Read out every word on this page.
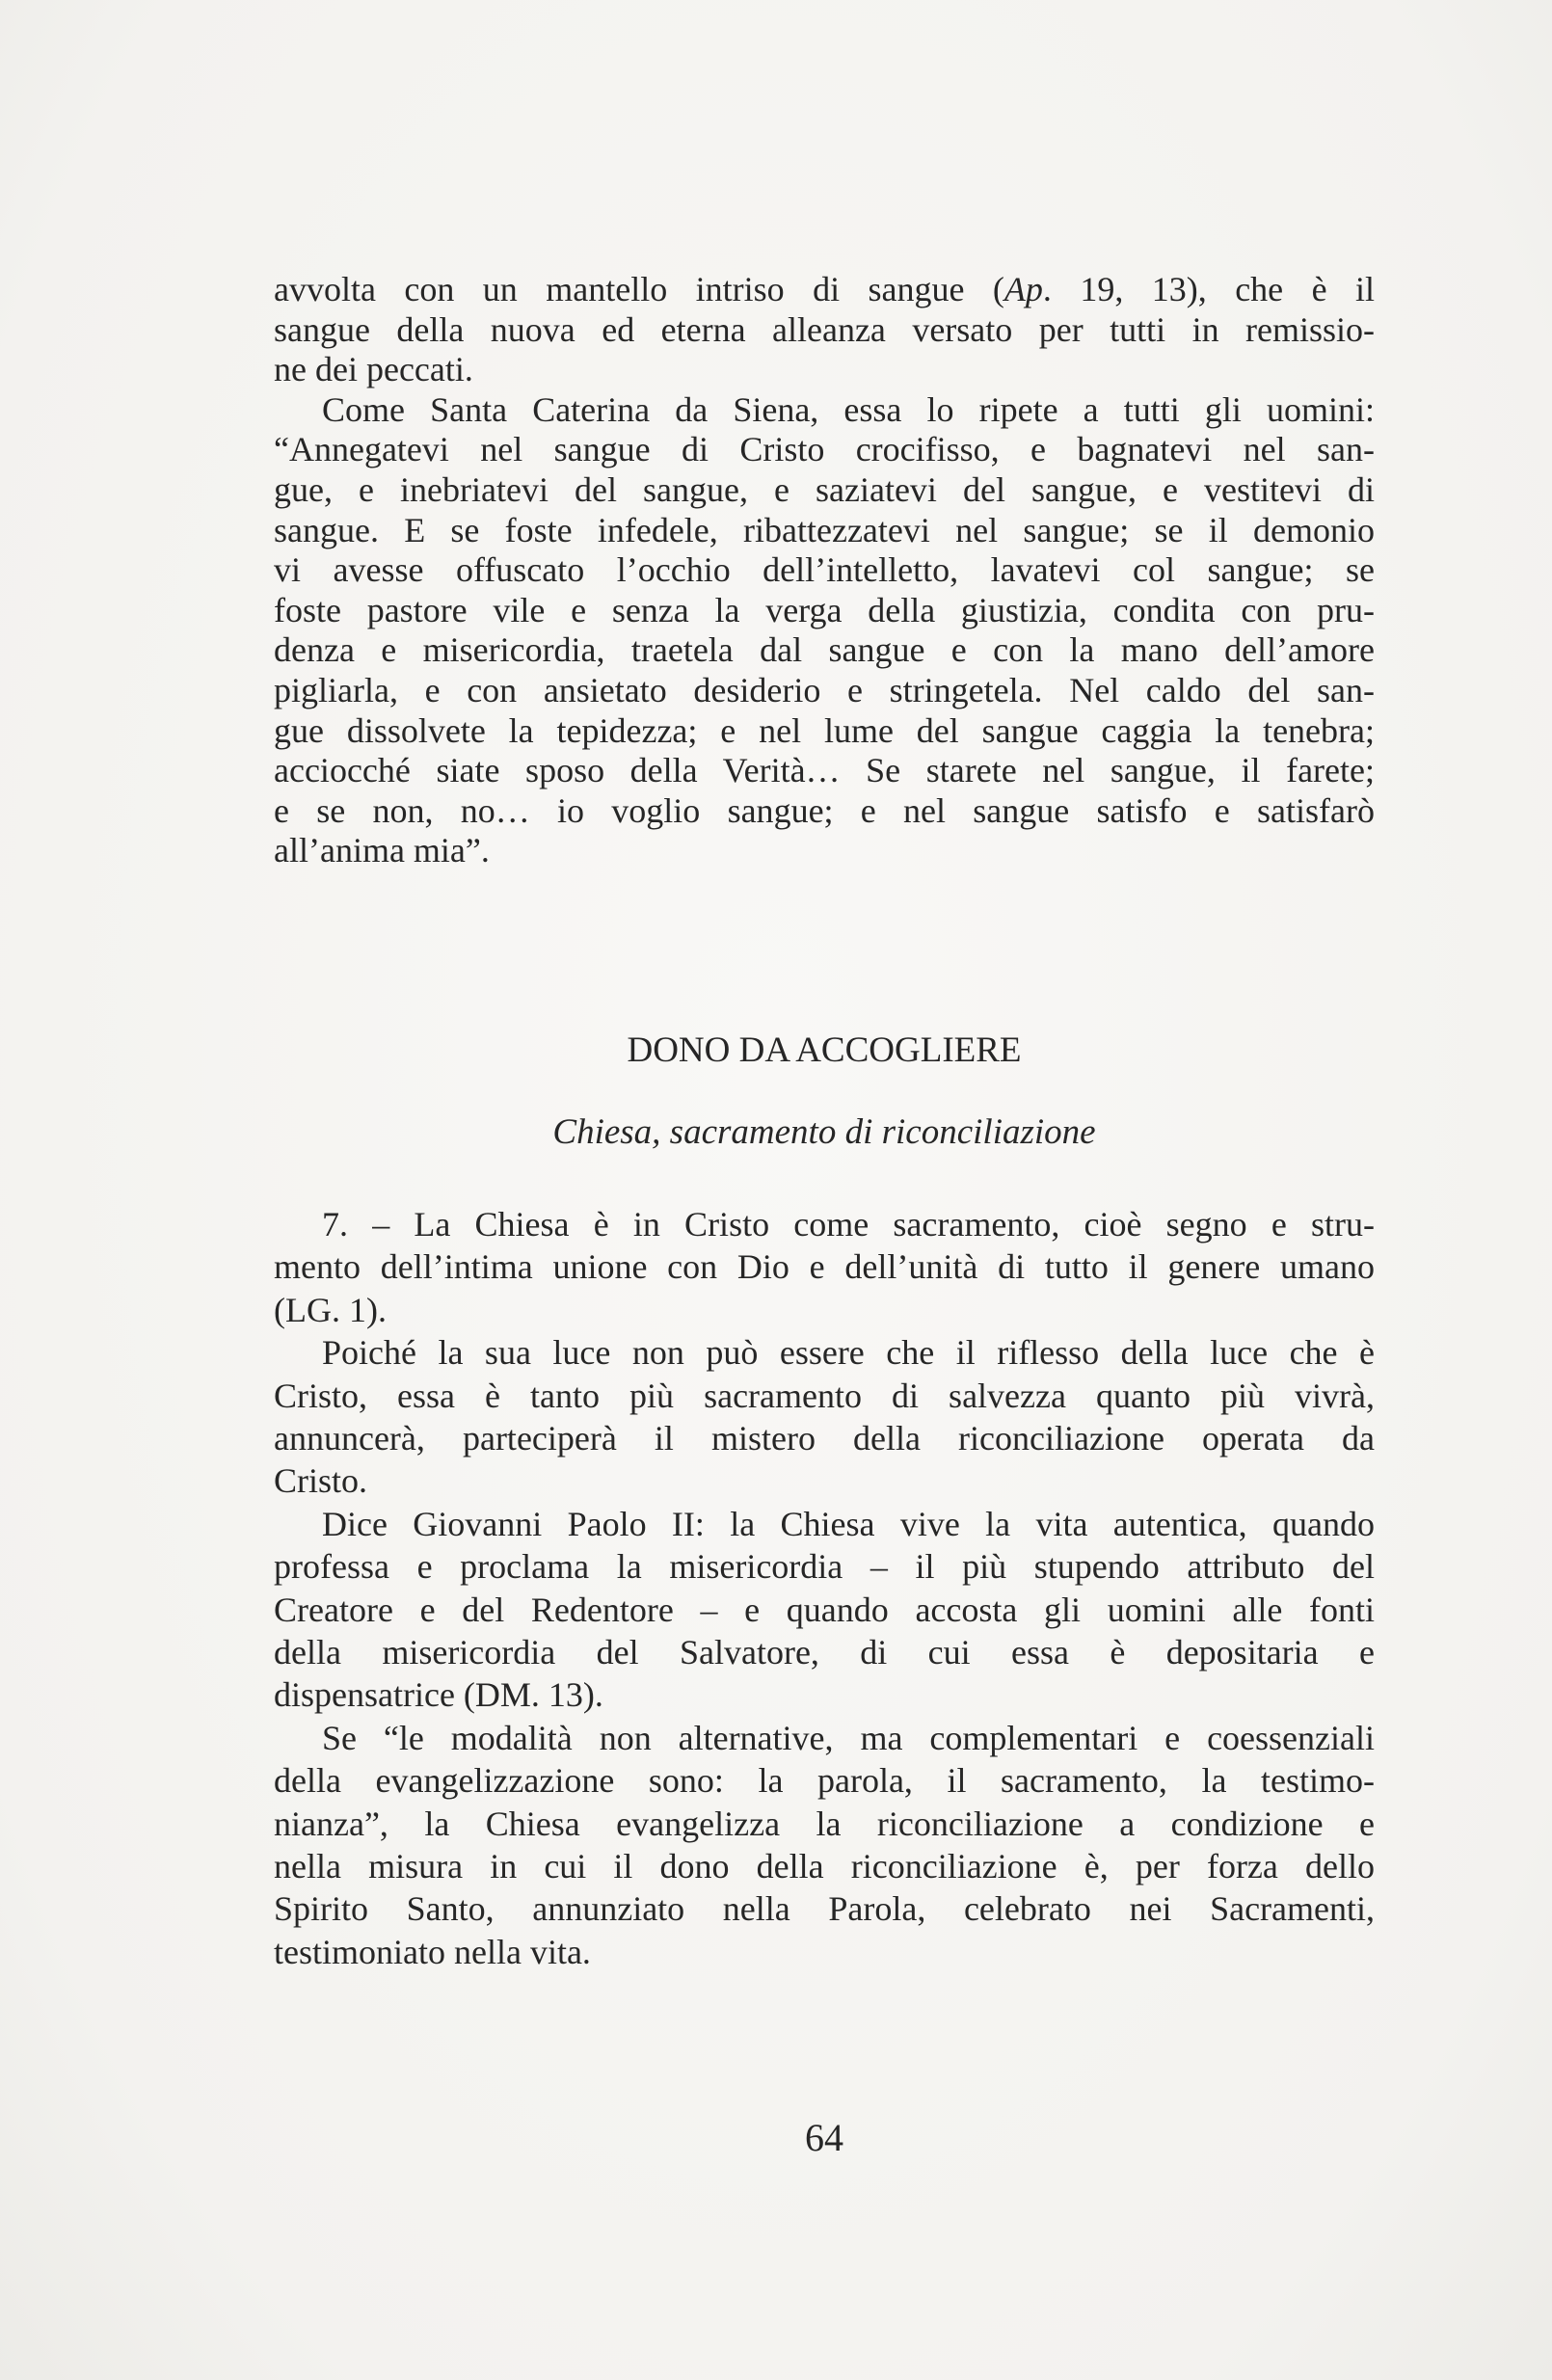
avvolta con un mantello intriso di sangue (Ap. 19, 13), che è il
sangue della nuova ed eterna alleanza versato per tutti in remissio-
ne dei peccati.
Come Santa Caterina da Siena, essa lo ripete a tutti gli uomini:
“Annegatevi nel sangue di Cristo crocifisso, e bagnatevi nel san-
gue, e inebriatevi del sangue, e saziatevi del sangue, e vestitevi di
sangue. E se foste infedele, ribattezzatevi nel sangue; se il demonio
vi avesse offuscato l’occhio dell’intelletto, lavatevi col sangue; se
foste pastore vile e senza la verga della giustizia, condita con pru-
denza e misericordia, traetela dal sangue e con la mano dell’amore
pigliarla, e con ansietato desiderio e stringetela. Nel caldo del san-
gue dissolvete la tepidezza; e nel lume del sangue caggia la tenebra;
acciocché siate sposo della Verità… Se starete nel sangue, il farete;
e se non, no… io voglio sangue; e nel sangue satisfo e satisfarò
all’anima mia”.
DONO DA ACCOGLIERE
Chiesa, sacramento di riconciliazione
7. – La Chiesa è in Cristo come sacramento, cioè segno e stru-
mento dell’intima unione con Dio e dell’unità di tutto il genere umano
(LG. 1).
Poiché la sua luce non può essere che il riflesso della luce che è
Cristo, essa è tanto più sacramento di salvezza quanto più vivrà,
annuncerà, parteciperà il mistero della riconciliazione operata da
Cristo.
Dice Giovanni Paolo II: la Chiesa vive la vita autentica, quando
professa e proclama la misericordia – il più stupendo attributo del
Creatore e del Redentore – e quando accosta gli uomini alle fonti
della misericordia del Salvatore, di cui essa è depositaria e
dispensatrice (DM. 13).
Se “le modalità non alternative, ma complementari e coessenziali
della evangelizzazione sono: la parola, il sacramento, la testimo-
nianza”, la Chiesa evangelizza la riconciliazione a condizione e
nella misura in cui il dono della riconciliazione è, per forza dello
Spirito Santo, annunziato nella Parola, celebrato nei Sacramenti,
testimoniato nella vita.
64
